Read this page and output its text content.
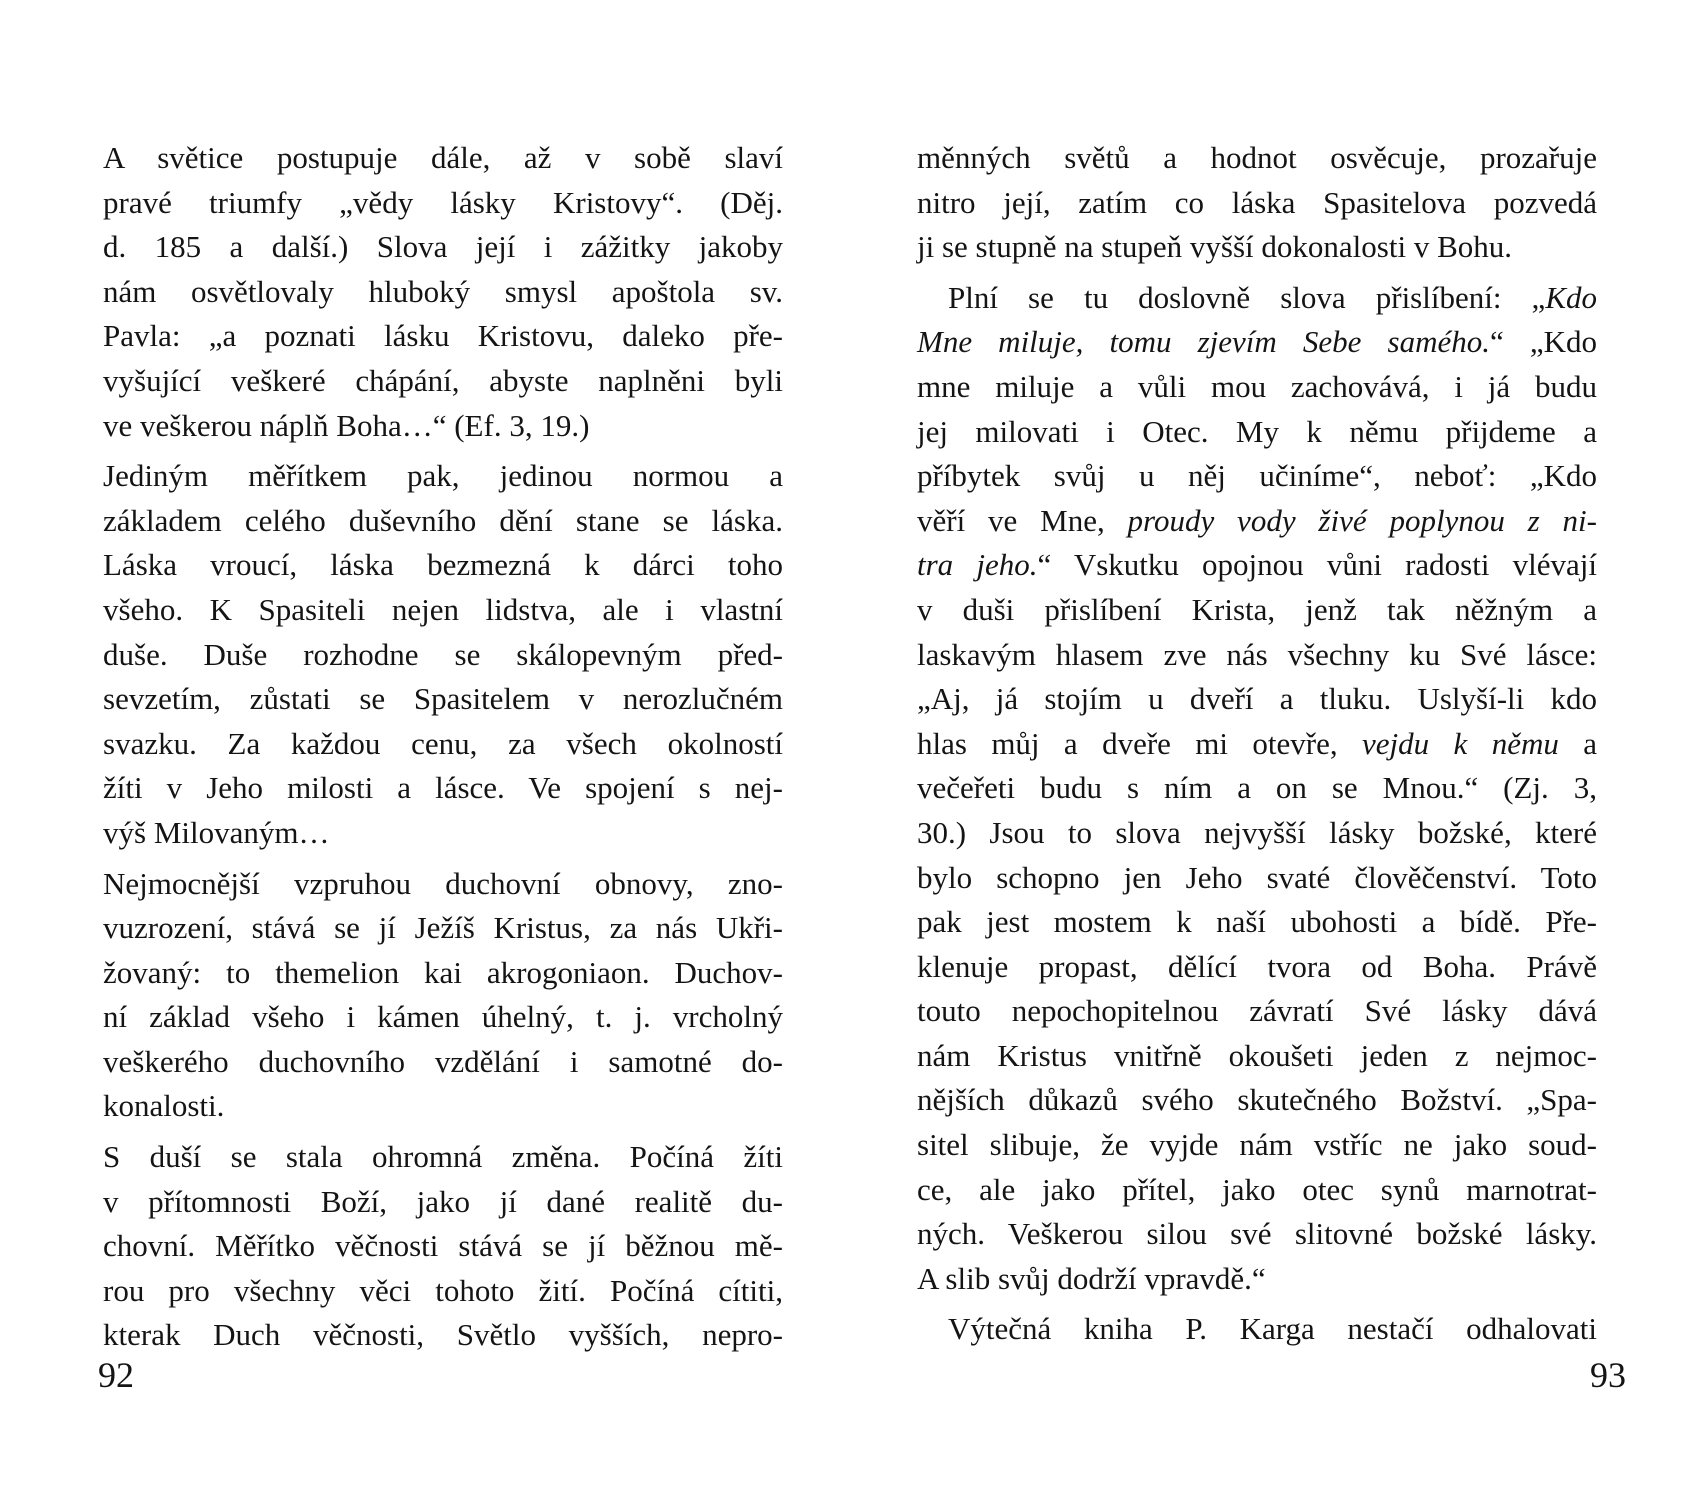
A světice postupuje dále, až v sobě slaví
pravé triumfy „vědy lásky Kristovy“. (Děj.
d. 185 a další.) Slova její i zážitky jakoby
nám osvětlovaly hluboký smysl apoštola sv.
Pavla: „a poznati lásku Kristovu, daleko pře-
vyšující veškeré chápání, abyste naplněni byli
ve veškerou náplň Boha…“ (Ef. 3, 19.)

Jediným měřítkem pak, jedinou normou a
základem celého duševního dění stane se láska.
Láska vroucí, láska bezmezná k dárci toho
všeho. K Spasiteli nejen lidstva, ale i vlastní
duše. Duše rozhodne se skálopevným před-
sevzetím, zůstati se Spasitelem v nerozlučném
svazku. Za každou cenu, za všech okolností
žíti v Jeho milosti a lásce. Ve spojení s nej-
výš Milovaným…

Nejmocnější vzpruhou duchovní obnovy, zno-
vuzrození, stává se jí Ježíš Kristus, za nás Ukři-
žovaný: to themelion kai akrogoniaon. Duchov-
ní základ všeho i kámen úhelný, t. j. vrcholný
veškerého duchovního vzdělání i samotné do-
konalosti.

S duší se stala ohromná změna. Počíná žíti
v přítomnosti Boží, jako jí dané realitě du-
chovní. Měřítko věčnosti stává se jí běžnou mě-
rou pro všechny věci tohoto žití. Počíná cítiti,
kterak Duch věčnosti, Světlo vyšších, nepro-

92

měnných světů a hodnot osvěcuje, prozařuje
nitro její, zatím co láska Spasitelova pozvedá
ji se stupně na stupeň vyšší dokonalosti v Bohu.

 Plní se tu doslovně slova přislíbení: „Kdo
Mne miluje, tomu zjevím Sebe samého.“ „Kdo
mne miluje a vůli mou zachovává, i já budu
jej milovati i Otec. My k němu přijdeme a
příbytek svůj u něj učiníme“, neboť: „Kdo
věří ve Mne, proudy vody živé poplynou z ni-
tra jeho.“ Vskutku opojnou vůni radosti vlévají
v duši přislíbení Krista, jenž tak něžným a
laskavým hlasem zve nás všechny ku Své lásce:
„Aj, já stojím u dveří a tluku. Uslyší-li kdo
hlas můj a dveře mi otevře, vejdu k němu a
večeřeti budu s ním a on se Mnou.“ (Zj. 3,
30.) Jsou to slova nejvyšší lásky božské, které
bylo schopno jen Jeho svaté člověčenství. Toto
pak jest mostem k naší ubohosti a bídě. Pře-
klenuje propast, dělící tvora od Boha. Právě
touto nepochopitelnou závratí Své lásky dává
nám Kristus vnitřně okoušeti jeden z nejmoc-
nějších důkazů svého skutečného Božství. „Spa-
sitel slibuje, že vyjde nám vstříc ne jako soud-
ce, ale jako přítel, jako otec synů marnotrat-
ných. Veškerou silou své slitovné božské lásky.
A slib svůj dodrží vpravdě.“

 Výtečná kniha P. Karga nestačí odhalovati

93
